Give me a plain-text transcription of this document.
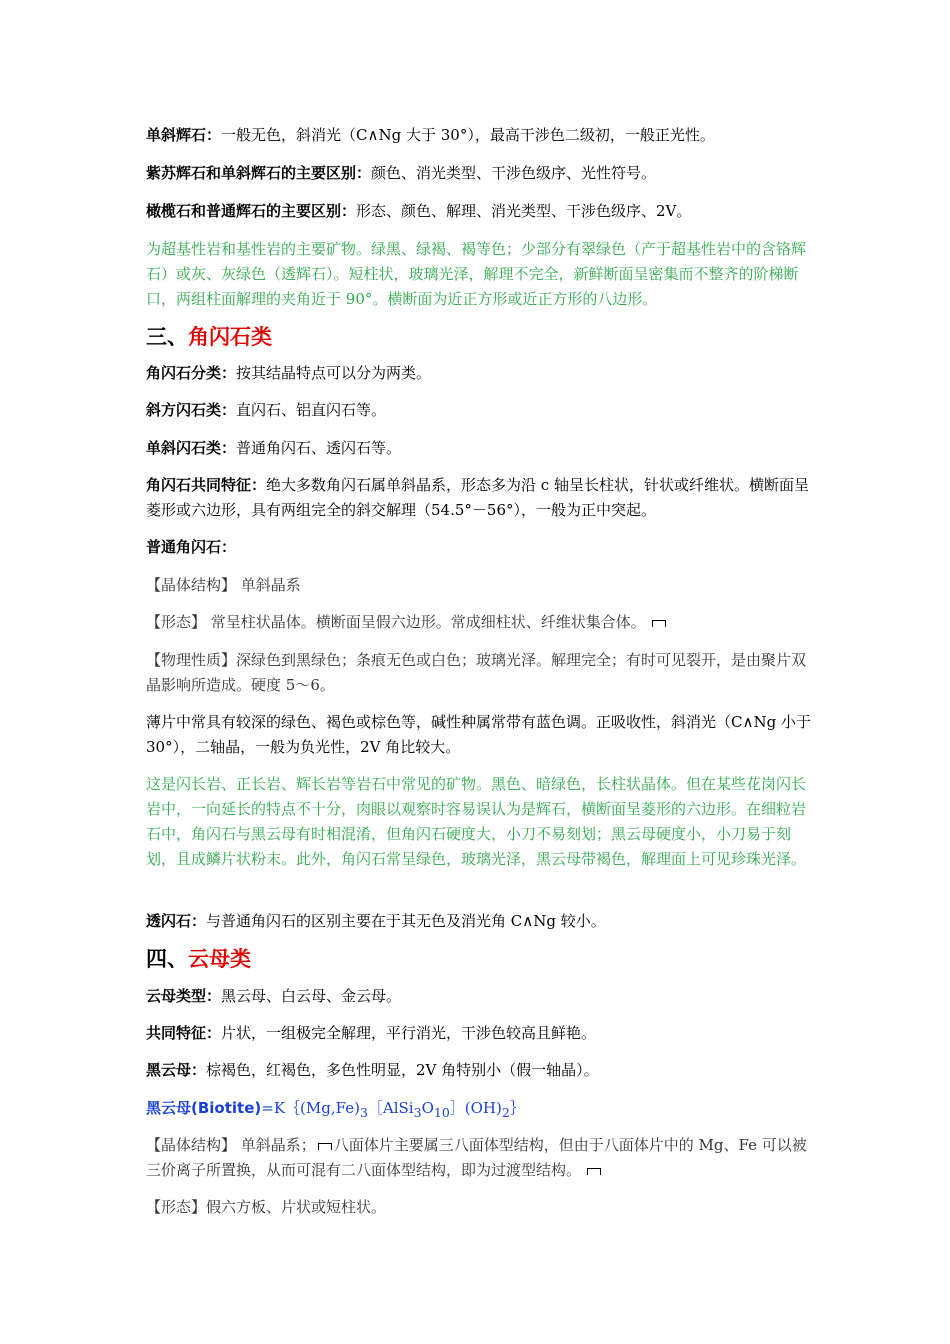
单斜辉石：一般无色，斜消光（C∧Ng 大于 30°），最高干涉色二级初，一般正光性。

紫苏辉石和单斜辉石的主要区别：颜色、消光类型、干涉色级序、光性符号。

橄榄石和普通辉石的主要区别：形态、颜色、解理、消光类型、干涉色级序、2V。

为超基性岩和基性岩的主要矿物。绿黑、绿褐、褐等色；少部分有翠绿色（产于超基性岩中的含铬辉石）或灰、灰绿色（透辉石）。短柱状，玻璃光泽，解理不完全，新鲜断面呈密集而不整齐的阶梯断口，两组柱面解理的夹角近于 90°。横断面为近正方形或近正方形的八边形。

三、角闪石类

角闪石分类：按其结晶特点可以分为两类。

斜方闪石类：直闪石、铝直闪石等。

单斜闪石类：普通角闪石、透闪石等。

角闪石共同特征：绝大多数角闪石属单斜晶系，形态多为沿 c 轴呈长柱状，针状或纤维状。横断面呈菱形或六边形，具有两组完全的斜交解理（54.5°－56°），一般为正中突起。

普通角闪石：

【晶体结构】 单斜晶系

【形态】 常呈柱状晶体。横断面呈假六边形。常成细柱状、纤维状集合体。

【物理性质】深绿色到黑绿色；条痕无色或白色；玻璃光泽。解理完全；有时可见裂开，是由聚片双晶影响所造成。硬度 5～6。

薄片中常具有较深的绿色、褐色或棕色等，碱性种属常带有蓝色调。正吸收性，斜消光（C∧Ng 小于 30°），二轴晶，一般为负光性，2V 角比较大。

这是闪长岩、正长岩、辉长岩等岩石中常见的矿物。黑色、暗绿色，长柱状晶体。但在某些花岗闪长岩中，一向延长的特点不十分，肉眼以观察时容易误认为是辉石，横断面呈菱形的六边形。在细粒岩石中，角闪石与黑云母有时相混淆，但角闪石硬度大，小刀不易刻划；黑云母硬度小，小刀易于刻划，且成鳞片状粉末。此外，角闪石常呈绿色，玻璃光泽，黑云母带褐色，解理面上可见珍珠光泽。

透闪石：与普通角闪石的区别主要在于其无色及消光角 C∧Ng 较小。

四、云母类

云母类型：黑云母、白云母、金云母。

共同特征：片状，一组极完全解理，平行消光，干涉色较高且鲜艳。

黑云母：棕褐色，红褐色，多色性明显，2V 角特别小（假一轴晶）。

黑云母$(Biotite)=K\{(Mg,Fe)_3[AlSi_3O_{10}](OH)_2\}$

【晶体结构】 单斜晶系； 八面体片主要属三八面体型结构，但由于八面体片中的 Mg、Fe 可以被三价离子所置换，从而可混有二八面体型结构，即为过渡型结构。

【形态】假六方板、片状或短柱状。
